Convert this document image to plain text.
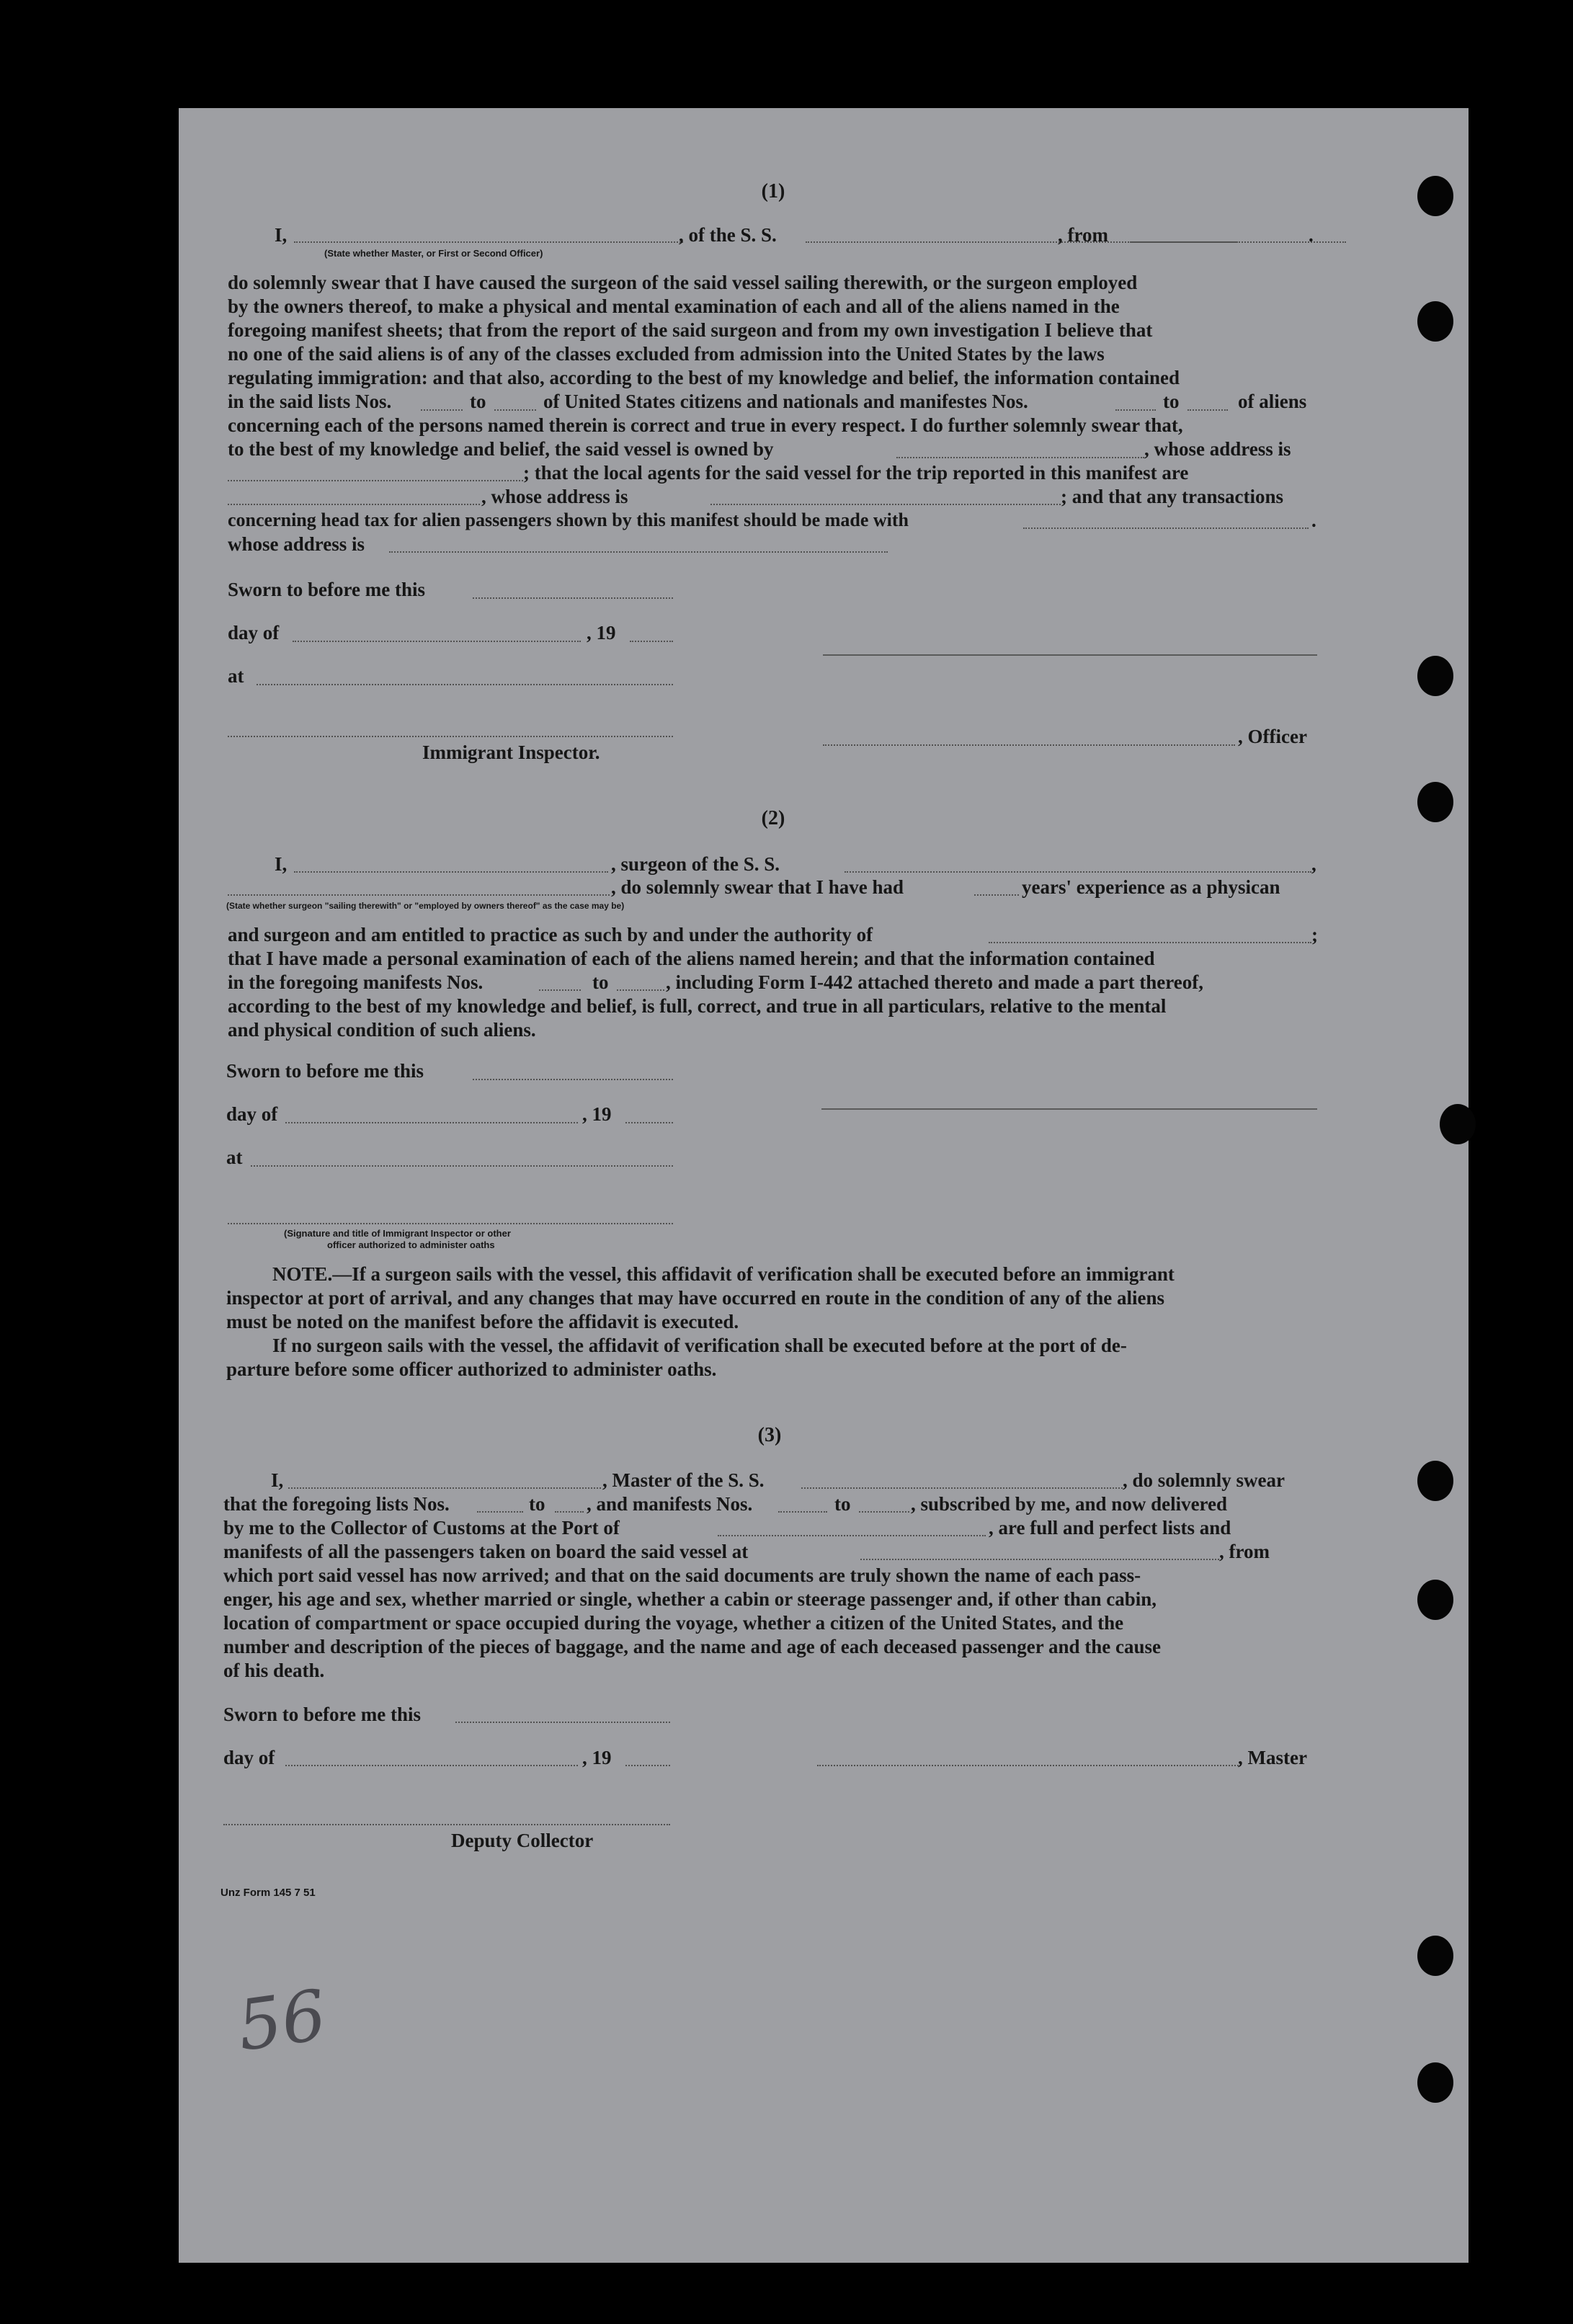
(1)
I,	, of the S. S.	, from	.
(State whether Master, or First or Second Officer)
do solemnly swear that I have caused the surgeon of the said vessel sailing therewith, or the surgeon employed
by the owners thereof, to make a physical and mental examination of each and all of the aliens named in the
foregoing manifest sheets; that from the report of the said surgeon and from my own investigation I believe that
no one of the said aliens is of any of the classes excluded from admission into the United States by the laws
regulating immigration: and that also, according to the best of my knowledge and belief, the information contained
in the said lists Nos.	to	of United States citizens and nationals and manifestes Nos.	to	of aliens
concerning each of the persons named therein is correct and true in every respect. I do further solemnly swear that,
to the best of my knowledge and belief, the said vessel is owned by	, whose address is
; that the local agents for the said vessel for the trip reported in this manifest are
, whose address is	; and that any transactions
concerning head tax for alien passengers shown by this manifest should be made with	.
whose address is
Sworn to before me this
day of	, 19
at
, Officer
Immigrant Inspector.
(2)
I,	, surgeon of the S. S.	,
, do solemnly swear that I have had	years' experience as a physican
(State whether surgeon "sailing therewith" or "employed by owners thereof" as the case may be)
and surgeon and am entitled to practice as such by and under the authority of	;
that I have made a personal examination of each of the aliens named herein; and that the information contained
in the foregoing manifests Nos.	to	, including Form I-442 attached thereto and made a part thereof,
according to the best of my knowledge and belief, is full, correct, and true in all particulars, relative to the mental
and physical condition of such aliens.
Sworn to before me this
day of	, 19
at
(Signature and title of Immigrant Inspector or other
officer authorized to administer oaths
NOTE.—If a surgeon sails with the vessel, this affidavit of verification shall be executed before an immigrant
inspector at port of arrival, and any changes that may have occurred en route in the condition of any of the aliens
must be noted on the manifest before the affidavit is executed.
If no surgeon sails with the vessel, the affidavit of verification shall be executed before at the port of de-
parture before some officer authorized to administer oaths.
(3)
I,	, Master of the S. S.	, do solemnly swear
that the foregoing lists Nos.	to , and manifests Nos.	to	, subscribed by me, and now delivered
by me to the Collector of Customs at the Port of	, are full and perfect lists and
manifests of all the passengers taken on board the said vessel at	, from
which port said vessel has now arrived; and that on the said documents are truly shown the name of each pass-
enger, his age and sex, whether married or single, whether a cabin or steerage passenger and, if other than cabin,
location of compartment or space occupied during the voyage, whether a citizen of the United States, and the
number and description of the pieces of baggage, and the name and age of each deceased passenger and the cause
of his death.
Sworn to before me this
day of	, 19	, Master
Deputy Collector
Unz Form 145 7 51
56
